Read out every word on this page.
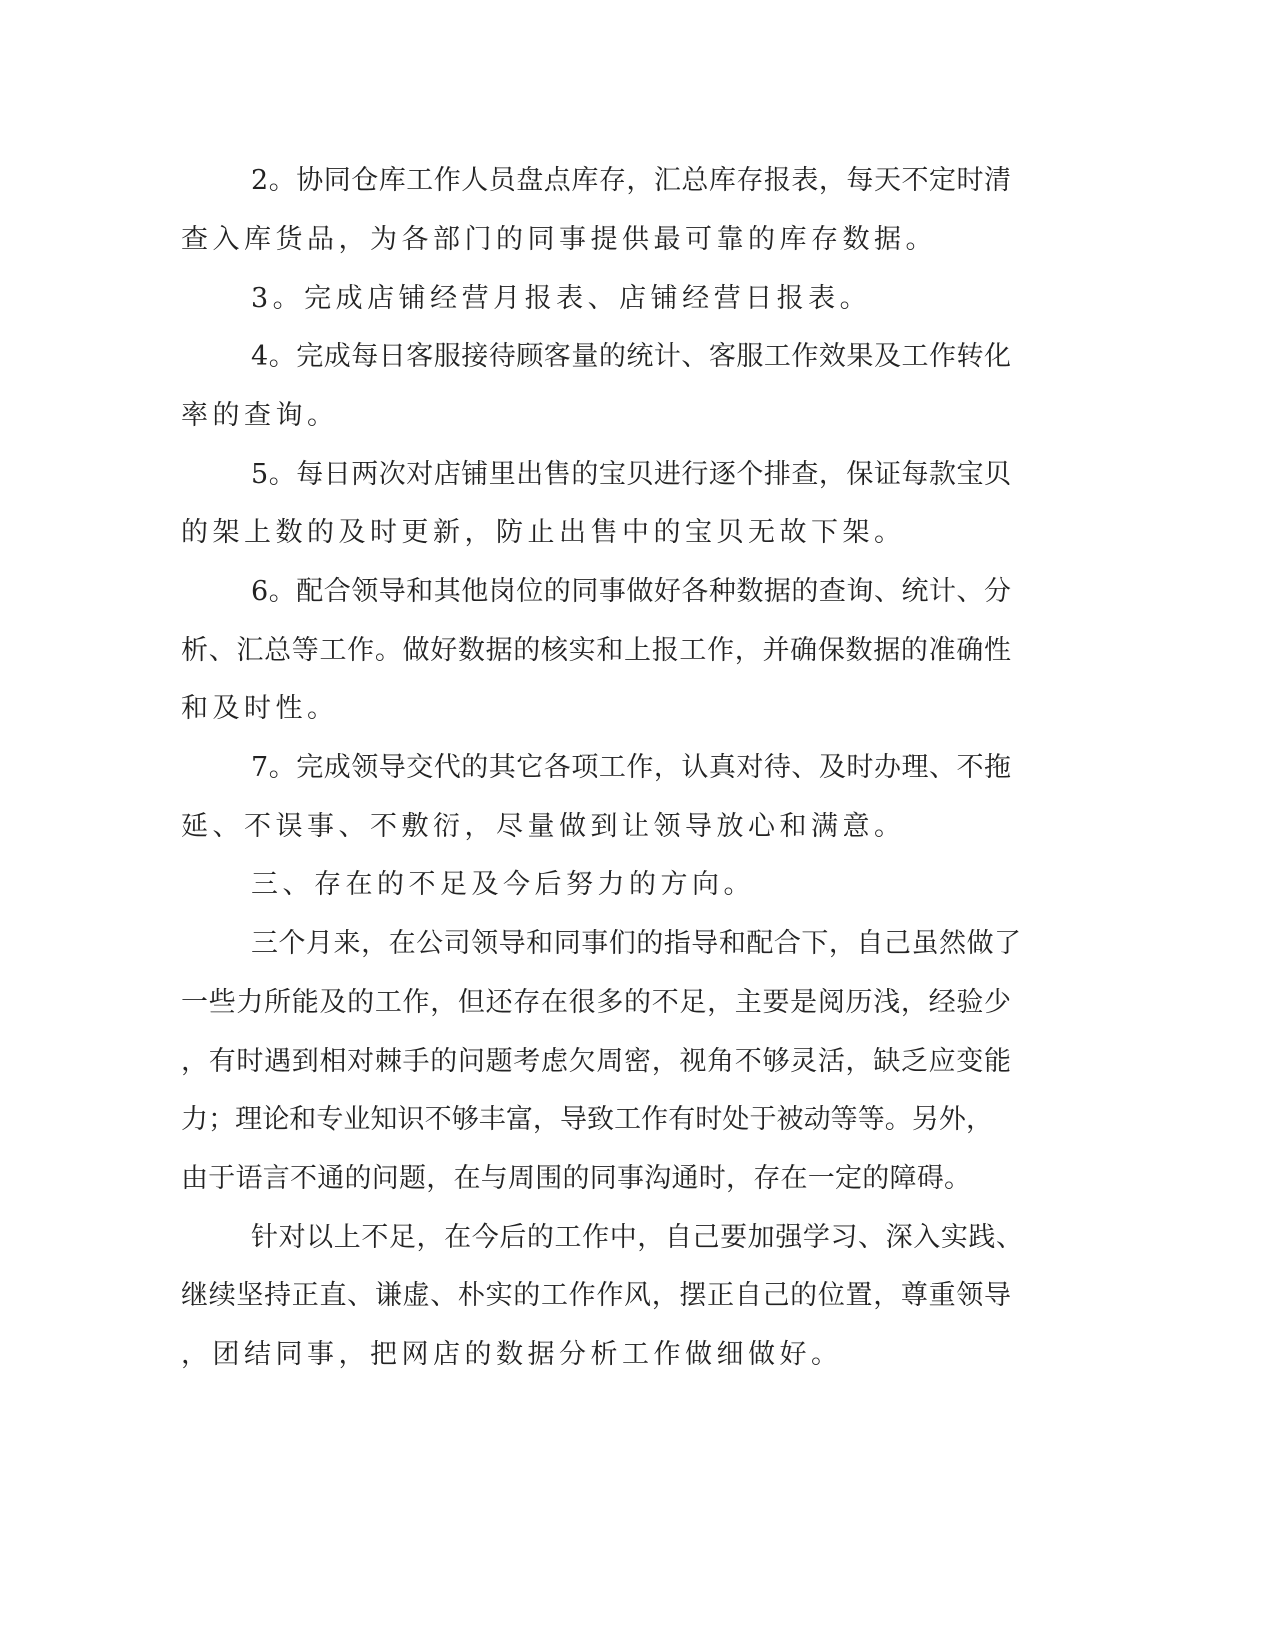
2。协同仓库工作人员盘点库存，汇总库存报表，每天不定时清

查入库货品，为各部门的同事提供最可靠的库存数据。

3。完成店铺经营月报表、店铺经营日报表。

4。完成每日客服接待顾客量的统计、客服工作效果及工作转化

率的查询。

5。每日两次对店铺里出售的宝贝进行逐个排查，保证每款宝贝

的架上数的及时更新，防止出售中的宝贝无故下架。

6。配合领导和其他岗位的同事做好各种数据的查询、统计、分

析、汇总等工作。做好数据的核实和上报工作，并确保数据的准确性

和及时性。

7。完成领导交代的其它各项工作，认真对待、及时办理、不拖

延、不误事、不敷衍，尽量做到让领导放心和满意。

三、存在的不足及今后努力的方向。

三个月来，在公司领导和同事们的指导和配合下，自己虽然做了

一些力所能及的工作，但还存在很多的不足，主要是阅历浅，经验少

，有时遇到相对棘手的问题考虑欠周密，视角不够灵活，缺乏应变能

力；理论和专业知识不够丰富，导致工作有时处于被动等等。另外，

由于语言不通的问题，在与周围的同事沟通时，存在一定的障碍。

针对以上不足，在今后的工作中，自己要加强学习、深入实践、

继续坚持正直、谦虚、朴实的工作作风，摆正自己的位置，尊重领导

，团结同事，把网店的数据分析工作做细做好。
